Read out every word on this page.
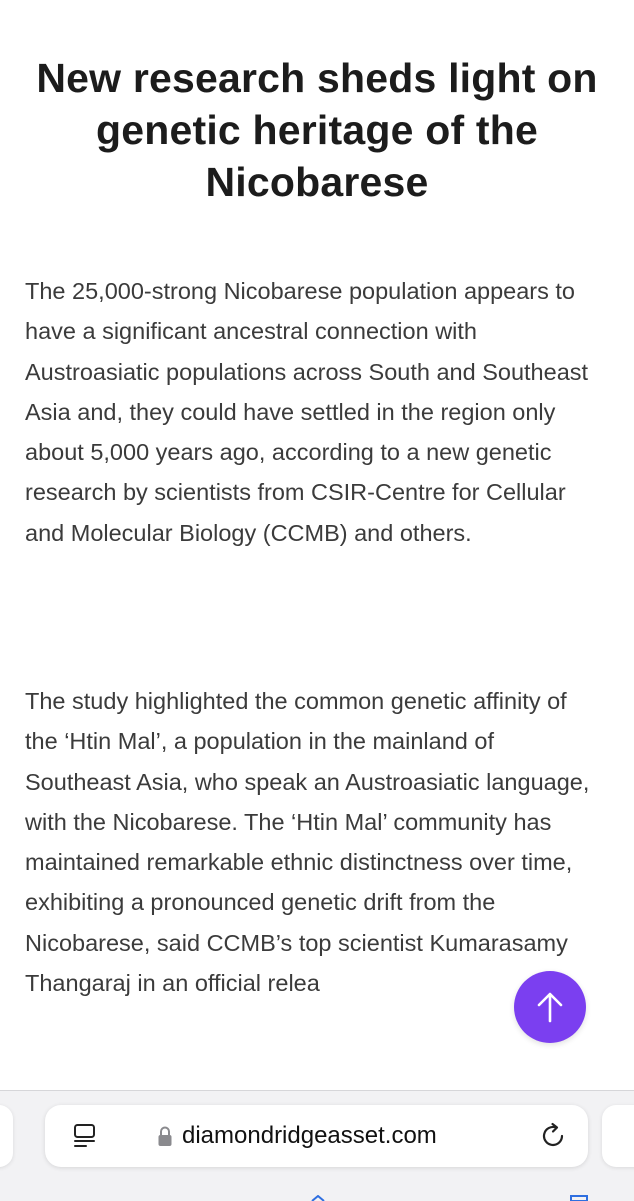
New research sheds light on genetic heritage of the Nicobarese

The 25,000-strong Nicobarese population appears to have a significant ancestral connection with Austroasiatic populations across South and Southeast Asia and, they could have settled in the region only about 5,000 years ago, according to a new genetic research by scientists from CSIR-Centre for Cellular and Molecular Biology (CCMB) and others.

The study highlighted the common genetic affinity of the ‘Htin Mal’, a population in the mainland of Southeast Asia, who speak an Austroasiatic language, with the Nicobarese. The ‘Htin Mal’ community has maintained remarkable ethnic distinctness over time, exhibiting a pronounced genetic drift from the Nicobarese, said CCMB’s top scientist Kumarasamy Thangaraj in an official relea

diamondridgeasset.com
